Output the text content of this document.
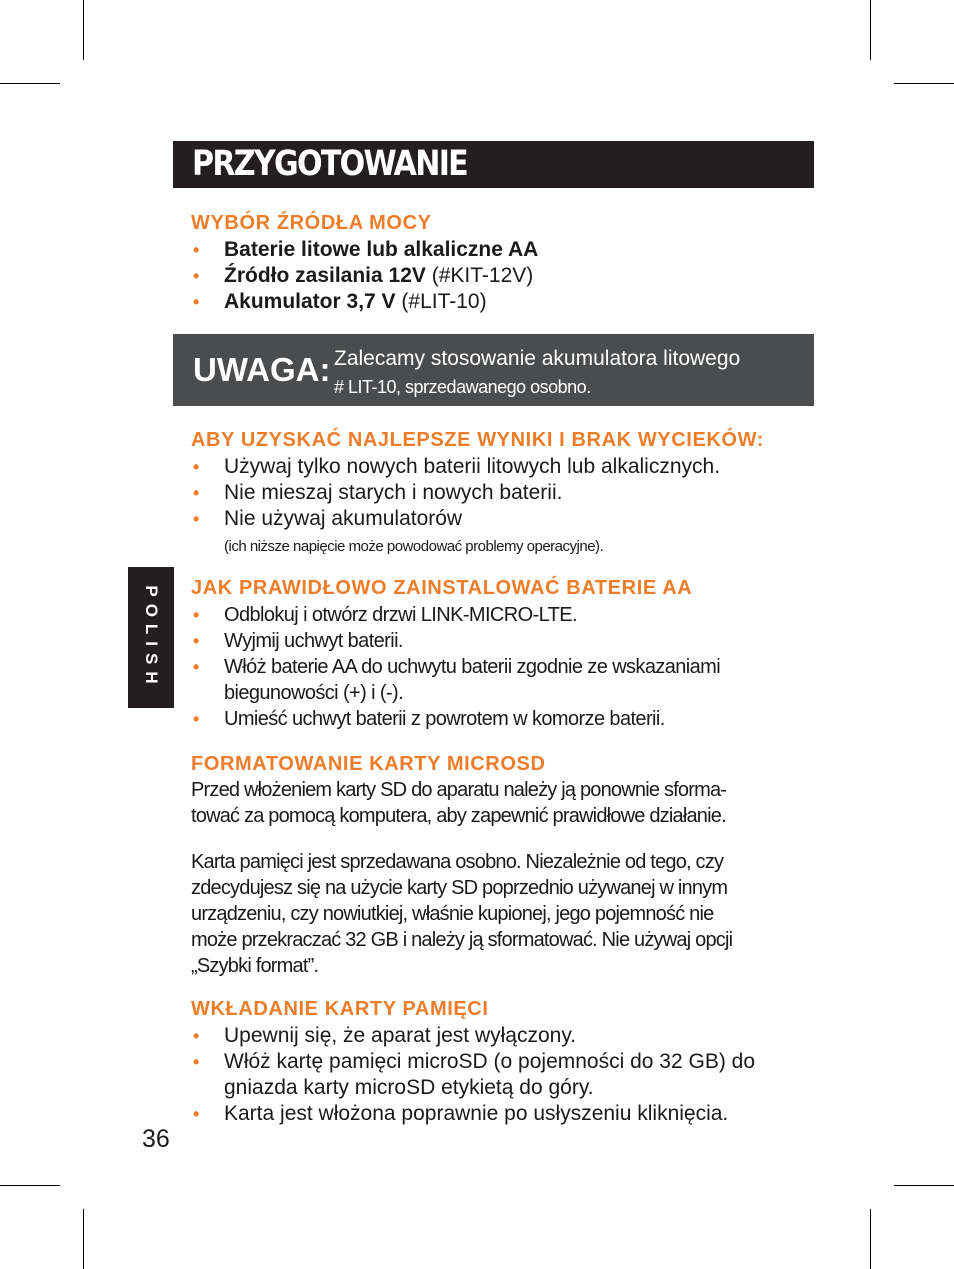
PRZYGOTOWANIE
WYBÓR ŹRÓDŁA MOCY
• Baterie litowe lub alkaliczne AA
• Źródło zasilania 12V (#KIT-12V)
• Akumulator 3,7 V (#LIT-10)
UWAGA: Zalecamy stosowanie akumulatora litowego
# LIT-10, sprzedawanego osobno.
ABY UZYSKAĆ NAJLEPSZE WYNIKI I BRAK WYCIEKÓW:
• Używaj tylko nowych baterii litowych lub alkalicznych.
• Nie mieszaj starych i nowych baterii.
• Nie używaj akumulatorów
(ich niższe napięcie może powodować problemy operacyjne).
POLISH JAK PRAWIDŁOWO ZAINSTALOWAĆ BATERIE AA
• Odblokuj i otwórz drzwi LINK-MICRO-LTE.
• Wyjmij uchwyt baterii.
• Włóż baterie AA do uchwytu baterii zgodnie ze wskazaniami
biegunowości (+) i (-).
• Umieść uchwyt baterii z powrotem w komorze baterii.
FORMATOWANIE KARTY MICROSD
Przed włożeniem karty SD do aparatu należy ją ponownie sforma-
tować za pomocą komputera, aby zapewnić prawidłowe działanie.
Karta pamięci jest sprzedawana osobno. Niezależnie od tego, czy
zdecydujesz się na użycie karty SD poprzednio używanej w innym
urządzeniu, czy nowiutkiej, właśnie kupionej, jego pojemność nie
może przekraczać 32 GB i należy ją sformatować. Nie używaj opcji
„Szybki format”.
WKŁADANIE KARTY PAMIĘCI
• Upewnij się, że aparat jest wyłączony.
• Włóż kartę pamięci microSD (o pojemności do 32 GB) do
gniazda karty microSD etykietą do góry.
• Karta jest włożona poprawnie po usłyszeniu kliknięcia.
36
